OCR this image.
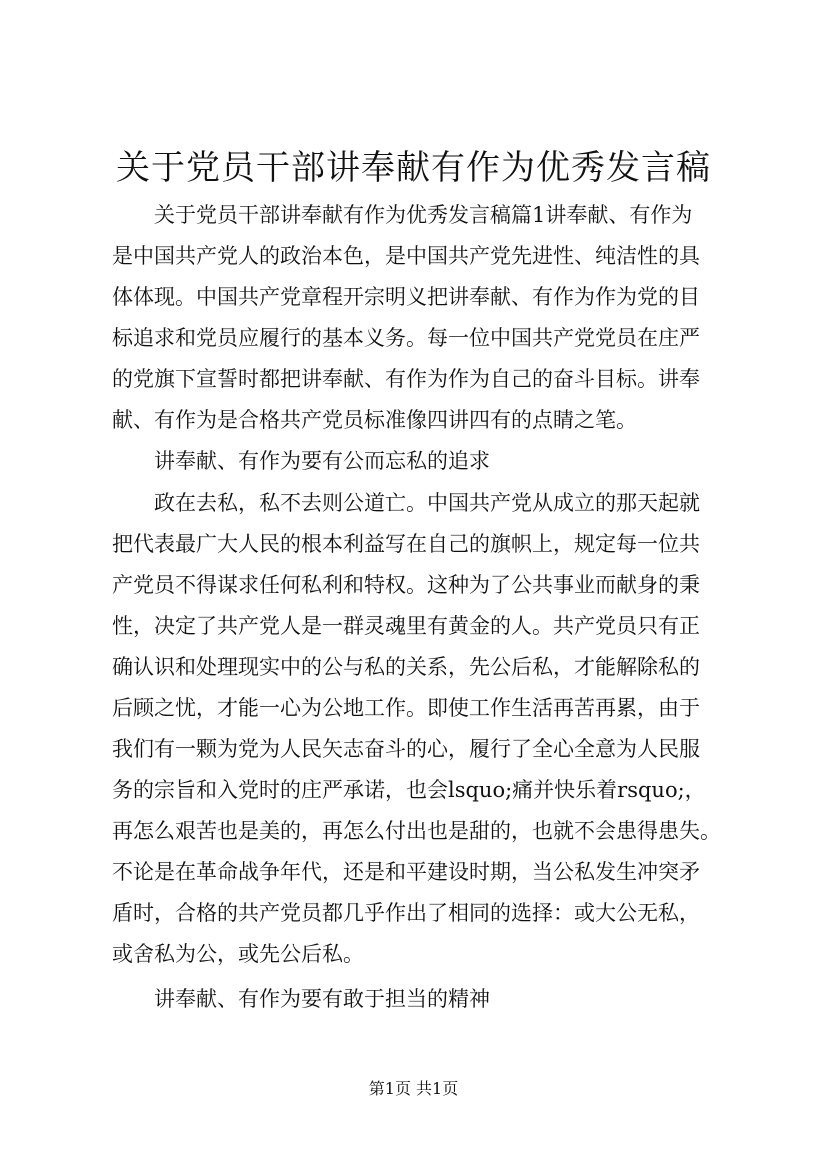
关于党员干部讲奉献有作为优秀发言稿
关于党员干部讲奉献有作为优秀发言稿篇1讲奉献、有作为
是中国共产党人的政治本色，是中国共产党先进性、纯洁性的具
体体现。中国共产党章程开宗明义把讲奉献、有作为作为党的目
标追求和党员应履行的基本义务。每一位中国共产党党员在庄严
的党旗下宣誓时都把讲奉献、有作为作为自己的奋斗目标。讲奉
献、有作为是合格共产党员标准像四讲四有的点睛之笔。
讲奉献、有作为要有公而忘私的追求
政在去私，私不去则公道亡。中国共产党从成立的那天起就
把代表最广大人民的根本利益写在自己的旗帜上，规定每一位共
产党员不得谋求任何私利和特权。这种为了公共事业而献身的秉
性，决定了共产党人是一群灵魂里有黄金的人。共产党员只有正
确认识和处理现实中的公与私的关系，先公后私，才能解除私的
后顾之忧，才能一心为公地工作。即使工作生活再苦再累，由于
我们有一颗为党为人民矢志奋斗的心，履行了全心全意为人民服
务的宗旨和入党时的庄严承诺，也会lsquo;痛并快乐着rsquo;，
再怎么艰苦也是美的，再怎么付出也是甜的，也就不会患得患失。
不论是在革命战争年代，还是和平建设时期，当公私发生冲突矛
盾时，合格的共产党员都几乎作出了相同的选择：或大公无私，
或舍私为公，或先公后私。
讲奉献、有作为要有敢于担当的精神
第1页 共1页
